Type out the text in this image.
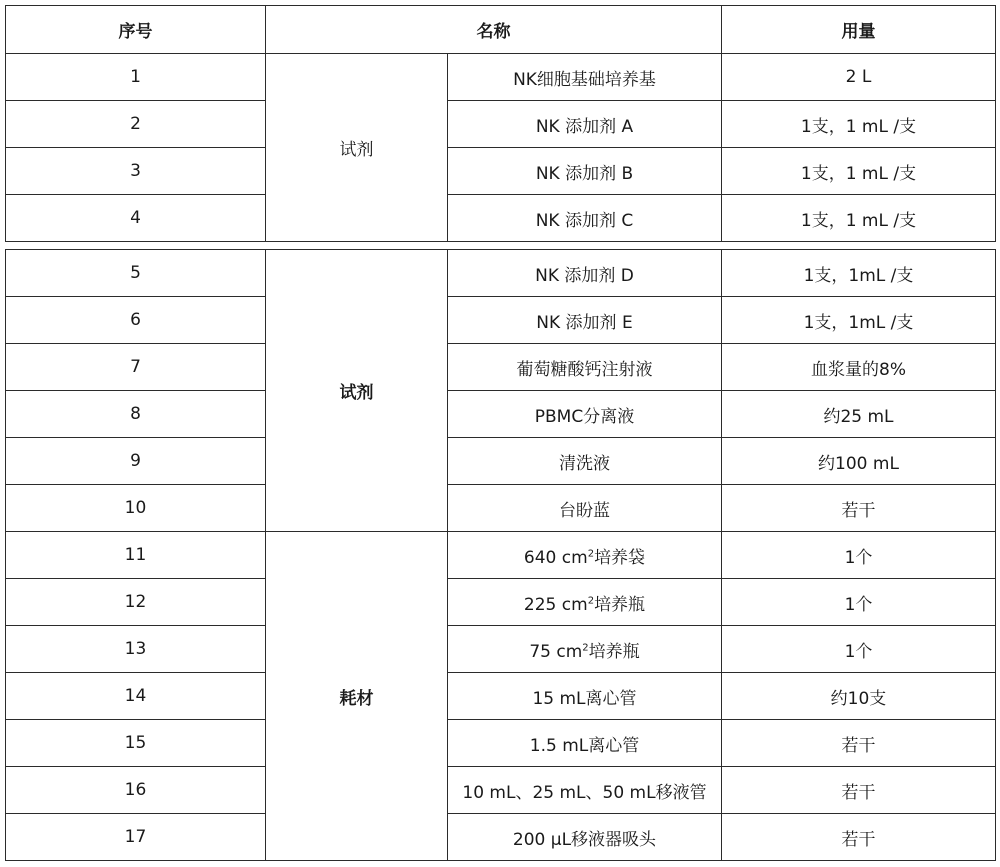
序号	名称		用量
1	试剂	NK细胞基础培养基	2 L
2		NK 添加剂 A	1支，1 mL /支
3		NK 添加剂 B	1支，1 mL /支
4		NK 添加剂 C	1支，1 mL /支
5	试剂	NK 添加剂 D	1支，1mL /支
6		NK 添加剂 E	1支，1mL /支
7		葡萄糖酸钙注射液	血浆量的8%
8		PBMC分离液	约25 mL
9		清洗液	约100 mL
10		台盼蓝	若干
11	耗材	640 $cm^2$培养袋	1个
12		225 $cm^2$培养瓶	1个
13		75 $cm^2$培养瓶	1个
14		15 mL离心管	约10支
15		1.5 mL离心管	若干
16		10 mL、25 mL、50 mL移液管	若干
17		200 µL移液器吸头	若干
